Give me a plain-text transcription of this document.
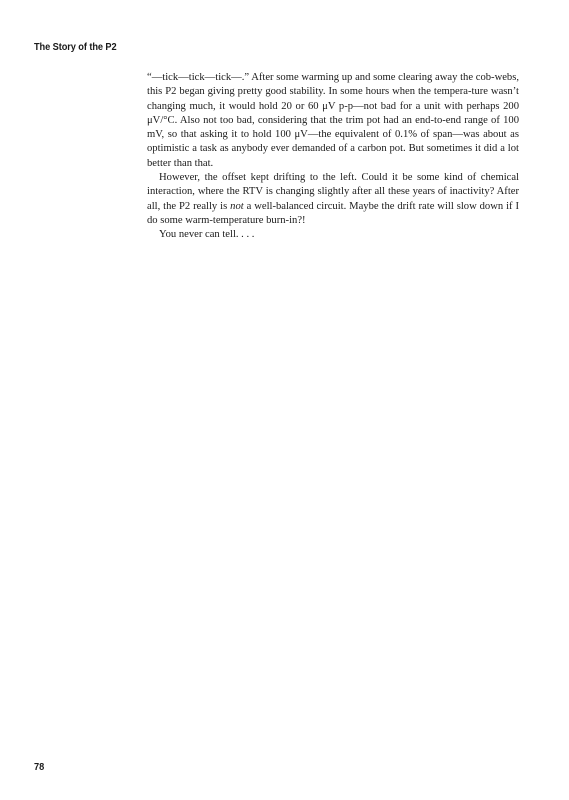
The Story of the P2

“—tick—tick—tick—.” After some warming up and some clearing away the cob-webs, this P2 began giving pretty good stability. In some hours when the tempera-ture wasn’t changing much, it would hold 20 or 60 μV p-p—not bad for a unit with perhaps 200 μV/°C. Also not too bad, considering that the trim pot had an end-to-end range of 100 mV, so that asking it to hold 100 μV—the equivalent of 0.1% of span—was about as optimistic a task as anybody ever demanded of a carbon pot. But sometimes it did a lot better than that.

However, the offset kept drifting to the left. Could it be some kind of chemical interaction, where the RTV is changing slightly after all these years of inactivity? After all, the P2 really is not a well-balanced circuit. Maybe the drift rate will slow down if I do some warm-temperature burn-in?!

You never can tell. . . .

78
